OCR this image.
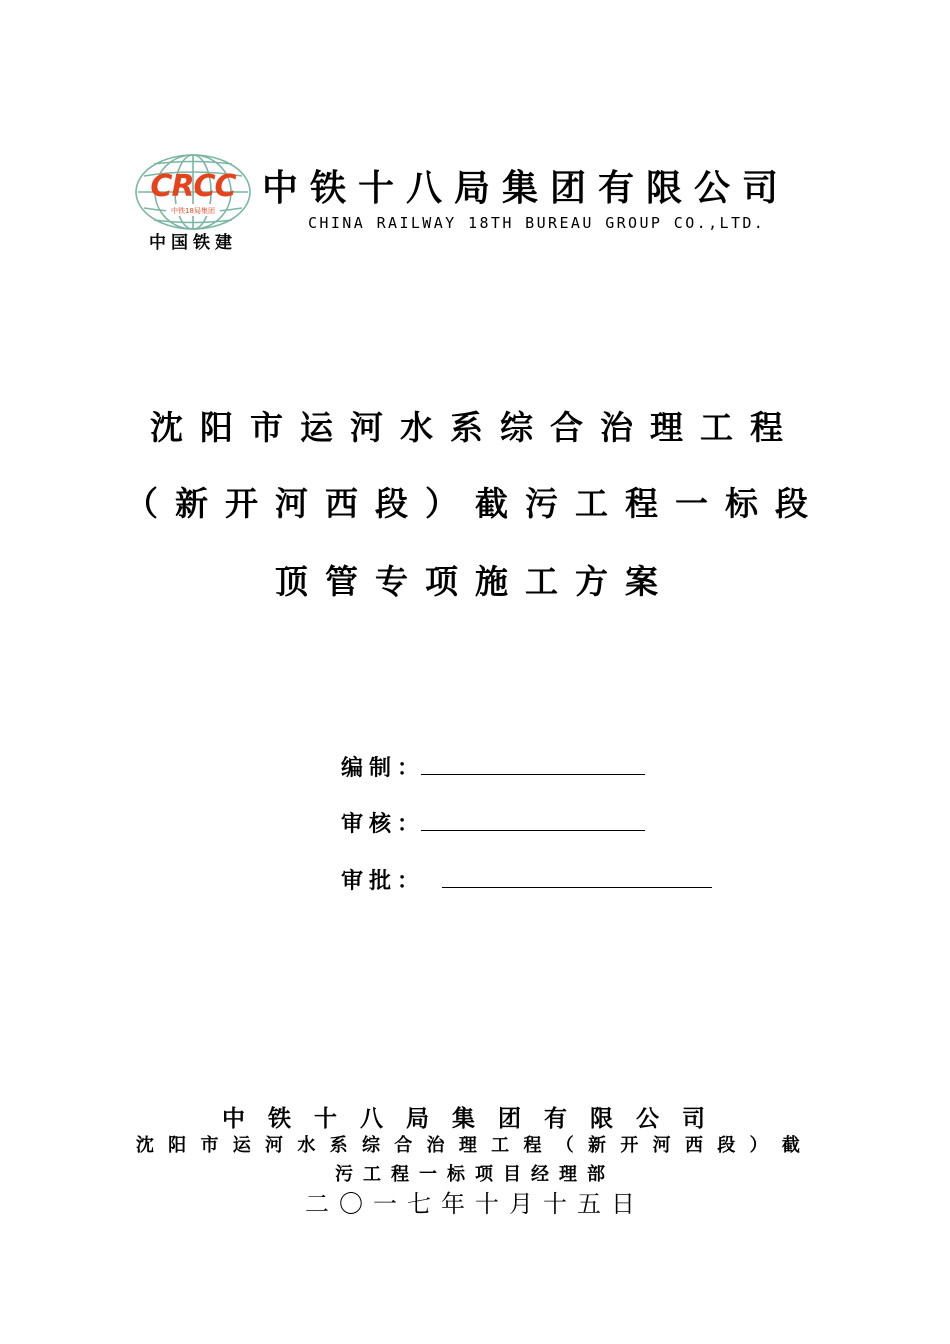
CRCC
中铁18局集团
中国铁建
中铁十八局集团有限公司
CHINA RAILWAY 18TH BUREAU GROUP CO.,LTD.
沈阳市运河水系综合治理工程
（新开河西段）截污工程一标段
顶管专项施工方案
编制：
审核：
审批：
中铁十八局集团有限公司
沈阳市运河水系综合治理工程（新开河西段）截
污工程一标项目经理部
二〇一七年十月十五日
